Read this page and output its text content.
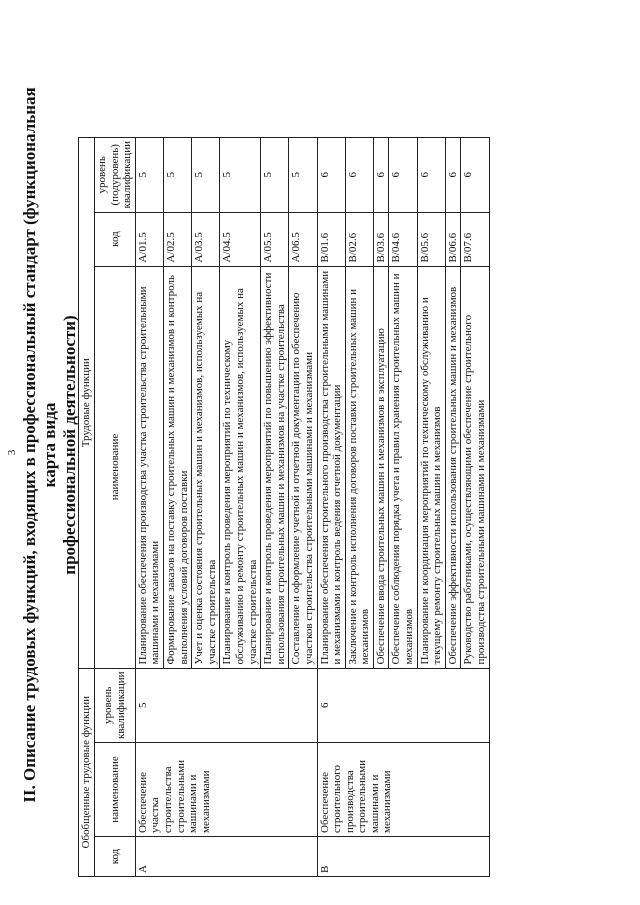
3 II. Описание трудовых функций, входящих в профессиональный стандарт (функциональная карта вида профессиональной деятельности)
Обобщенные трудовые функции			Трудовые функции		
код	наименование	уровень квалификации	наименование	код	уровень (подуровень) квалификации
A	Обеспечение участка строительства строительными машинами и механизмами	5	Планирование обеспечения производства участка строительства строительными машинами и механизмами	A/01.5	5
			Формирование заказов на поставку строительных машин и механизмов и контроль выполнения условий договоров поставки	A/02.5	5
			Учет и оценка состояния строительных машин и механизмов, используемых на участке строительства	A/03.5	5
			Планирование и контроль проведения мероприятий по техническому обслуживанию и ремонту строительных машин и механизмов, используемых на участке строительства	A/04.5	5
			Планирование и контроль проведения мероприятий по повышению эффективности использования строительных машин и механизмов на участке строительства	A/05.5	5
			Составление и оформление учетной и отчетной документации по обеспечению участков строительства строительными машинами и механизмами	A/06.5	5
B	Обеспечение строительного производства строительными машинами и механизмами	6	Планирование обеспечения строительного производства строительными машинами и механизмами и контроль ведения отчетной документации	B/01.6	6
			Заключение и контроль исполнения договоров поставки строительных машин и механизмов	B/02.6	6
			Обеспечение ввода строительных машин и механизмов в эксплуатацию	B/03.6	6
			Обеспечение соблюдения порядка учета и правил хранения строительных машин и механизмов	B/04.6	6
			Планирование и координация мероприятий по техническому обслуживанию и текущему ремонту строительных машин и механизмов	B/05.6	6
			Обеспечение эффективности использования строительных машин и механизмов	B/06.6	6
			Руководство работниками, осуществляющими обеспечение строительного производства строительными машинами и механизмами	B/07.6	6
